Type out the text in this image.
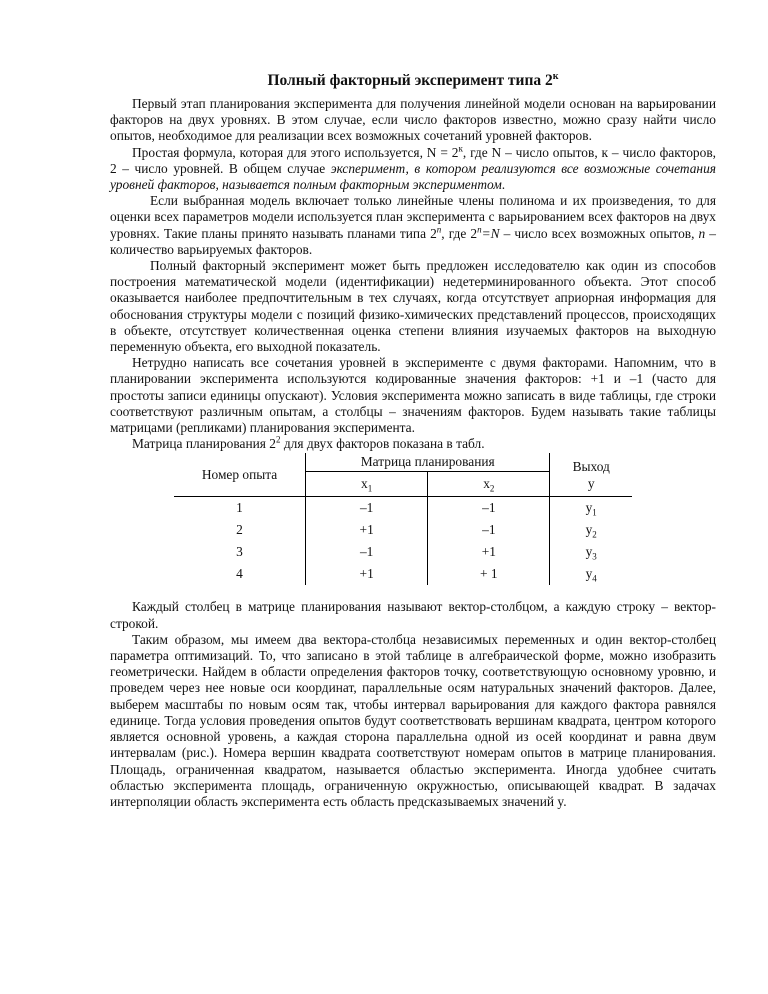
Полный факторный эксперимент типа $2^к$

Первый этап планирования эксперимента для получения линейной модели основан на варьировании факторов на двух уровнях. В этом случае, если число факторов известно, можно сразу найти число опытов, необходимое для реализации всех возможных сочетаний уровней факторов.

Простая формула, которая для этого используется, $N = 2^к$, где N – число опытов, к – число факторов, 2 – число уровней. В общем случае эксперимент, в котором реализуются все возможные сочетания уровней факторов, называется полным факторным экспериментом.

Если выбранная модель включает только линейные члены полинома и их произведения, то для оценки всех параметров модели используется план эксперимента с варьированием всех факторов на двух уровнях. Такие планы принято называть планами типа 2$^n$, где $2^n=N$ – число всех возможных опытов, n – количество варьируемых факторов.

Полный факторный эксперимент может быть предложен исследователю как один из способов построения математической модели (идентификации) недетерминированного объекта. Этот способ оказывается наиболее предпочтительным в тех случаях, когда отсутствует априорная информация для обоснования структуры модели с позиций физико-химических представлений процессов, происходящих в объекте, отсутствует количественная оценка степени влияния изучаемых факторов на выходную переменную объекта, его выходной показатель.

Нетрудно написать все сочетания уровней в эксперименте с двумя факторами. Напомним, что в планировании эксперимента используются кодированные значения факторов: +1 и –1 (часто для простоты записи единицы опускают). Условия эксперимента можно записать в виде таблицы, где строки соответствуют различным опытам, а столбцы – значениям факторов. Будем называть такие таблицы матрицами (репликами) планирования эксперимента.

Матрица планирования $2^2$ для двух факторов показана в табл.

Номер опыта	Матрица планирования		Выход
y
	$x_1$	$x_2$
1	–1	–1	$y_1$
2	+1	–1	$y_2$
3	–1	+1	$y_3$
4	+1	+ 1	$y_4$

Каждый столбец в матрице планирования называют вектор-столбцом, а каждую строку – вектор-строкой.

Таким образом, мы имеем два вектора-столбца независимых переменных и один вектор-столбец параметра оптимизаций. То, что записано в этой таблице в алгебраической форме, можно изобразить геометрически. Найдем в области определения факторов точку, соответствующую основному уровню, и проведем через нее новые оси координат, параллельные осям натуральных значений факторов. Далее, выберем масштабы по новым осям так, чтобы интервал варьирования для каждого фактора равнялся единице. Тогда условия проведения опытов будут соответствовать вершинам квадрата, центром которого является основной уровень, а каждая сторона параллельна одной из осей координат и равна двум интервалам (рис.). Номера вершин квадрата соответствуют номерам опытов в матрице планирования. Площадь, ограниченная квадратом, называется областью эксперимента. Иногда удобнее считать областью эксперимента площадь, ограниченную окружностью, описывающей квадрат. В задачах интерполяции область эксперимента есть область предсказываемых значений y.
